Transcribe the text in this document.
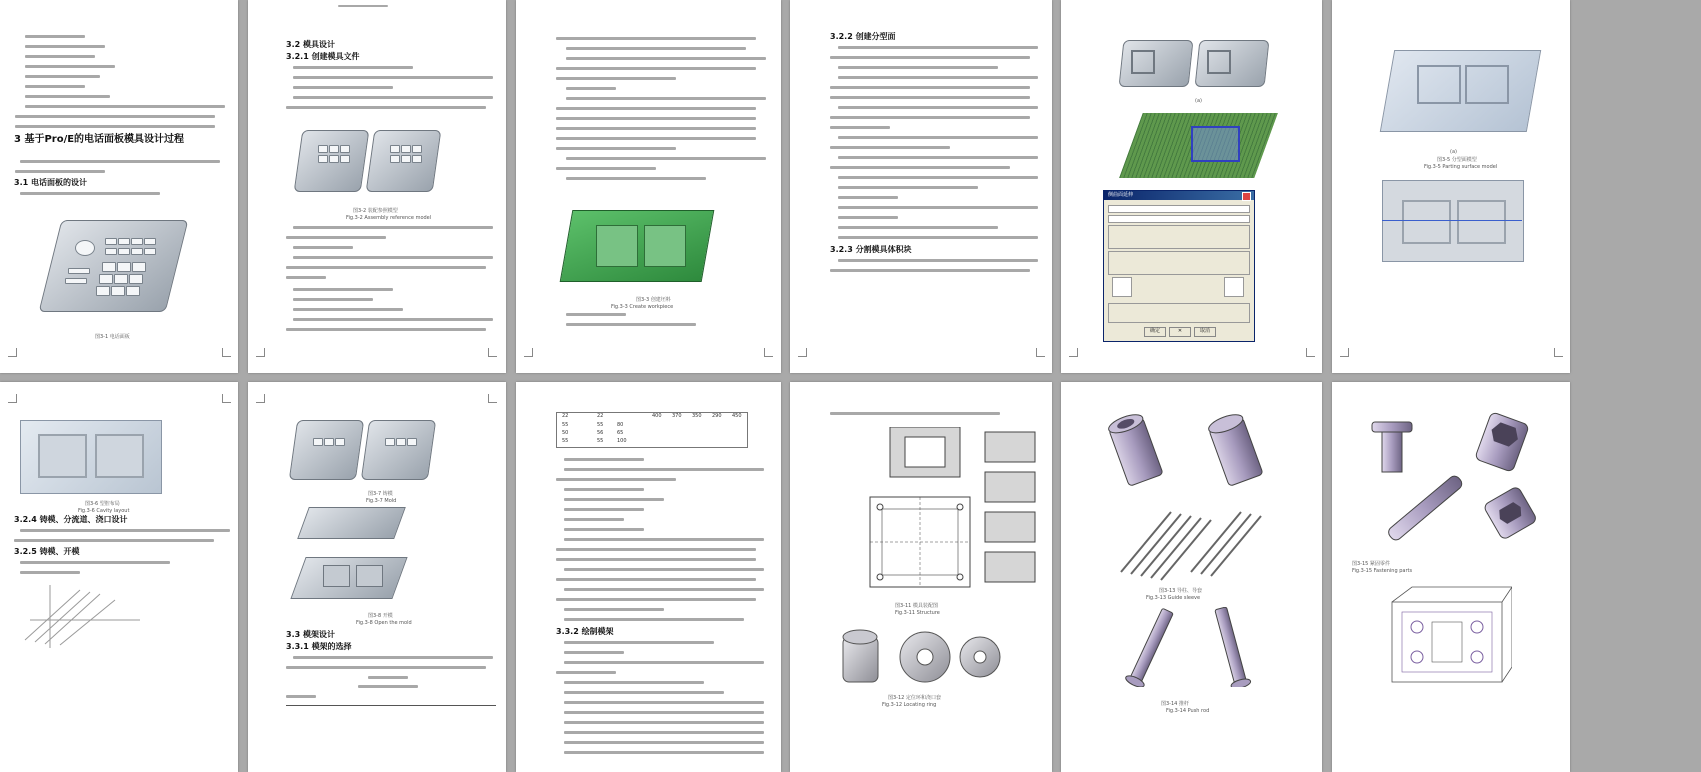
3 基于Pro/E的电话面板模具设计过程
3.1 电话面板的设计
图3-1 电话面板
3.2 模具设计
3.2.1 创建模具文件
图3-2 装配参照模型
Fig.3-2 Assembly reference model
图3-3 创建坯料
Fig.3-3 Create workpiece
3.2.2 创建分型面
3.2.3 分割模具体积块
(a)
侧曲面延伸
确定	✕	取消
(a)
图3-5 分型面模型
Fig.3-5 Parting surface model
图3-6 型腔布局
Fig.3-6 Cavity layout
3.2.4 铸模、分流道、浇口设计
3.2.5 铸模、开模
图3-7 铸模
Fig.3-7 Mold
图3-8 开模
Fig.3-8 Open the mold
3.3 模架设计
3.3.1 模架的选择
22	22	400 370 350 290 450
55	55	80
50	56	65
55	55	100
3.3.2 绘制模架
图3-11 模具装配图
Fig.3-11 Structure
图3-12 定位环和浇口套
Fig.3-12 Locating ring
图3-13 导柱、导套
Fig.3-13 Guide sleeve
图3-14 推杆
Fig.3-14 Push rod
图3-15 紧固零件
Fig.3-15 Fastening parts
